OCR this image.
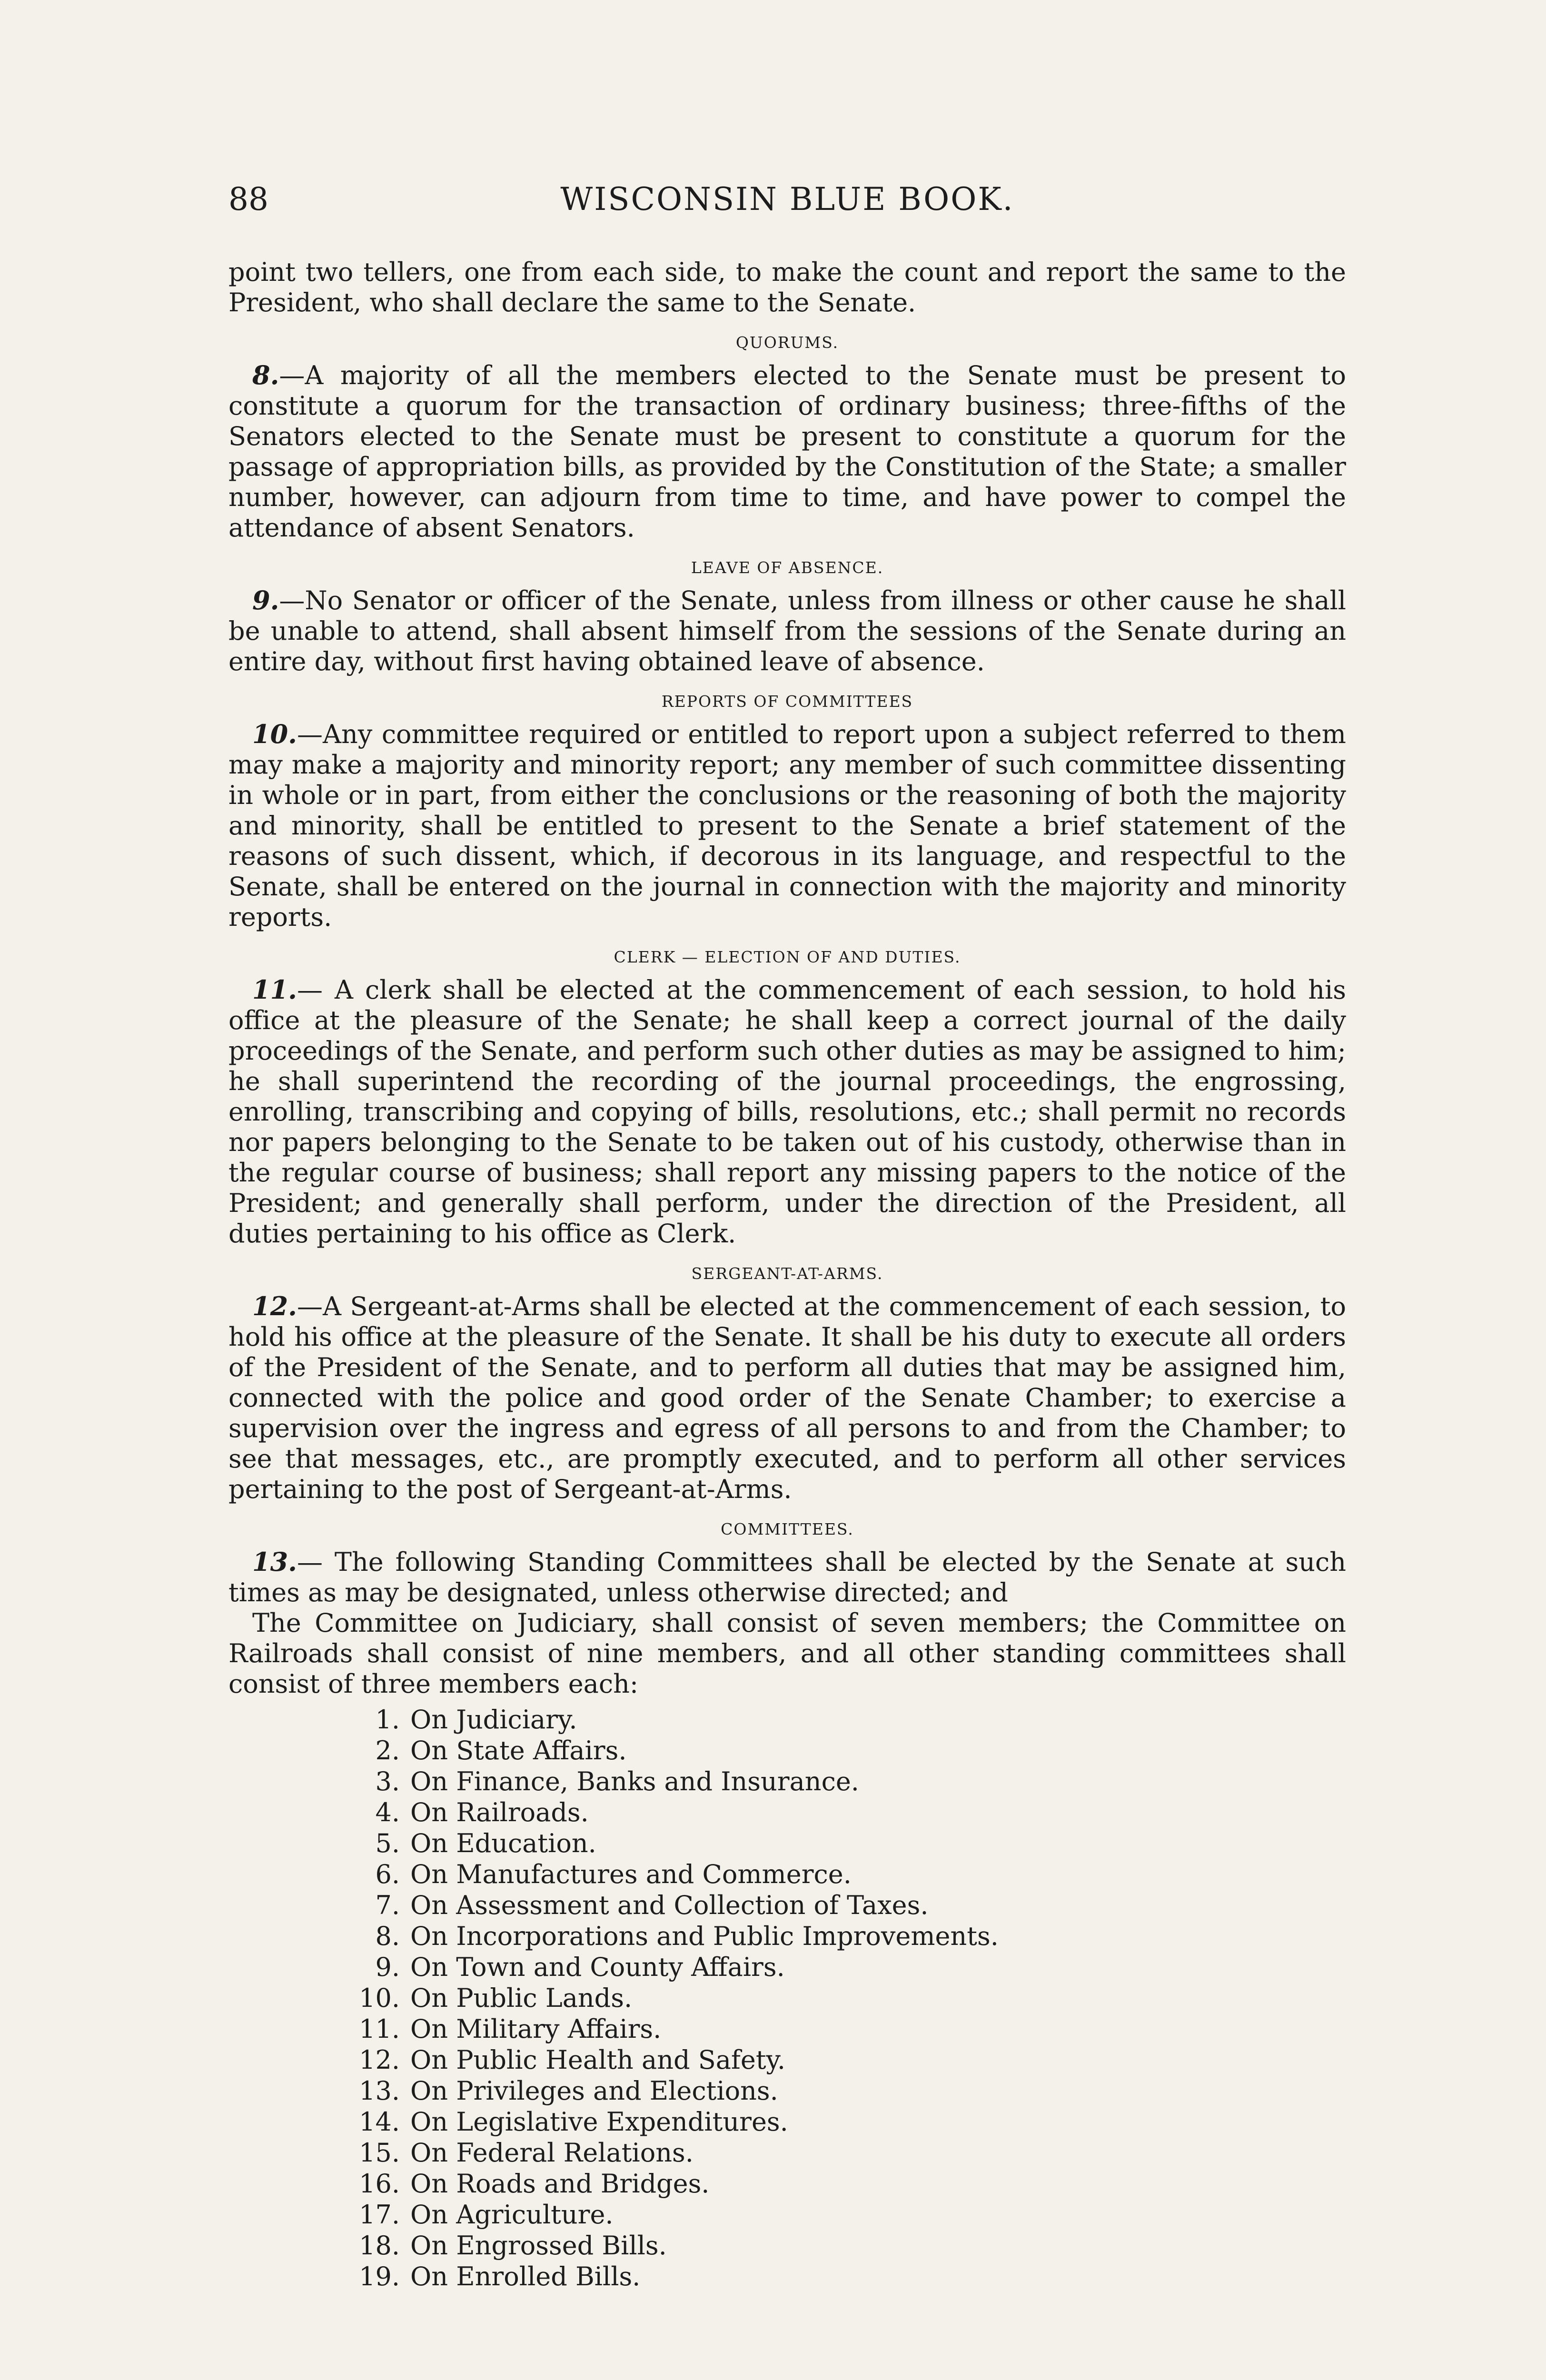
88	WISCONSIN BLUE BOOK.

point two tellers, one from each side, to make the count and report the same to the President, who shall declare the same to the Senate.

QUORUMS.

8.—A majority of all the members elected to the Senate must be present to constitute a quorum for the transaction of ordinary business; three-fifths of the Senators elected to the Senate must be present to constitute a quorum for the passage of appropriation bills, as provided by the Constitution of the State; a smaller number, however, can adjourn from time to time, and have power to compel the attendance of absent Senators.

LEAVE OF ABSENCE.

9.—No Senator or officer of the Senate, unless from illness or other cause he shall be unable to attend, shall absent himself from the sessions of the Senate during an entire day, without first having obtained leave of absence.

REPORTS OF COMMITTEES

10.—Any committee required or entitled to report upon a subject referred to them may make a majority and minority report; any member of such committee dissenting in whole or in part, from either the conclusions or the reasoning of both the majority and minority, shall be entitled to present to the Senate a brief statement of the reasons of such dissent, which, if decorous in its language, and respectful to the Senate, shall be entered on the journal in connection with the majority and minority reports.

CLERK — ELECTION OF AND DUTIES.

11.— A clerk shall be elected at the commencement of each session, to hold his office at the pleasure of the Senate; he shall keep a correct journal of the daily proceedings of the Senate, and perform such other duties as may be assigned to him; he shall superintend the recording of the journal proceedings, the engrossing, enrolling, transcribing and copying of bills, resolutions, etc.; shall permit no records nor papers belonging to the Senate to be taken out of his custody, otherwise than in the regular course of business; shall report any missing papers to the notice of the President; and generally shall perform, under the direction of the President, all duties pertaining to his office as Clerk.

SERGEANT-AT-ARMS.

12.—A Sergeant-at-Arms shall be elected at the commencement of each session, to hold his office at the pleasure of the Senate. It shall be his duty to execute all orders of the President of the Senate, and to perform all duties that may be assigned him, connected with the police and good order of the Senate Chamber; to exercise a supervision over the ingress and egress of all persons to and from the Chamber; to see that messages, etc., are promptly executed, and to perform all other services pertaining to the post of Sergeant-at-Arms.

COMMITTEES.

13.— The following Standing Committees shall be elected by the Senate at such times as may be designated, unless otherwise directed; and

The Committee on Judiciary, shall consist of seven members; the Committee on Railroads shall consist of nine members, and all other standing committees shall consist of three members each:

1. On Judiciary.
2. On State Affairs.
3. On Finance, Banks and Insurance.
4. On Railroads.
5. On Education.
6. On Manufactures and Commerce.
7. On Assessment and Collection of Taxes.
8. On Incorporations and Public Improvements.
9. On Town and County Affairs.
10. On Public Lands.
11. On Military Affairs.
12. On Public Health and Safety.
13. On Privileges and Elections.
14. On Legislative Expenditures.
15. On Federal Relations.
16. On Roads and Bridges.
17. On Agriculture.
18. On Engrossed Bills.
19. On Enrolled Bills.
